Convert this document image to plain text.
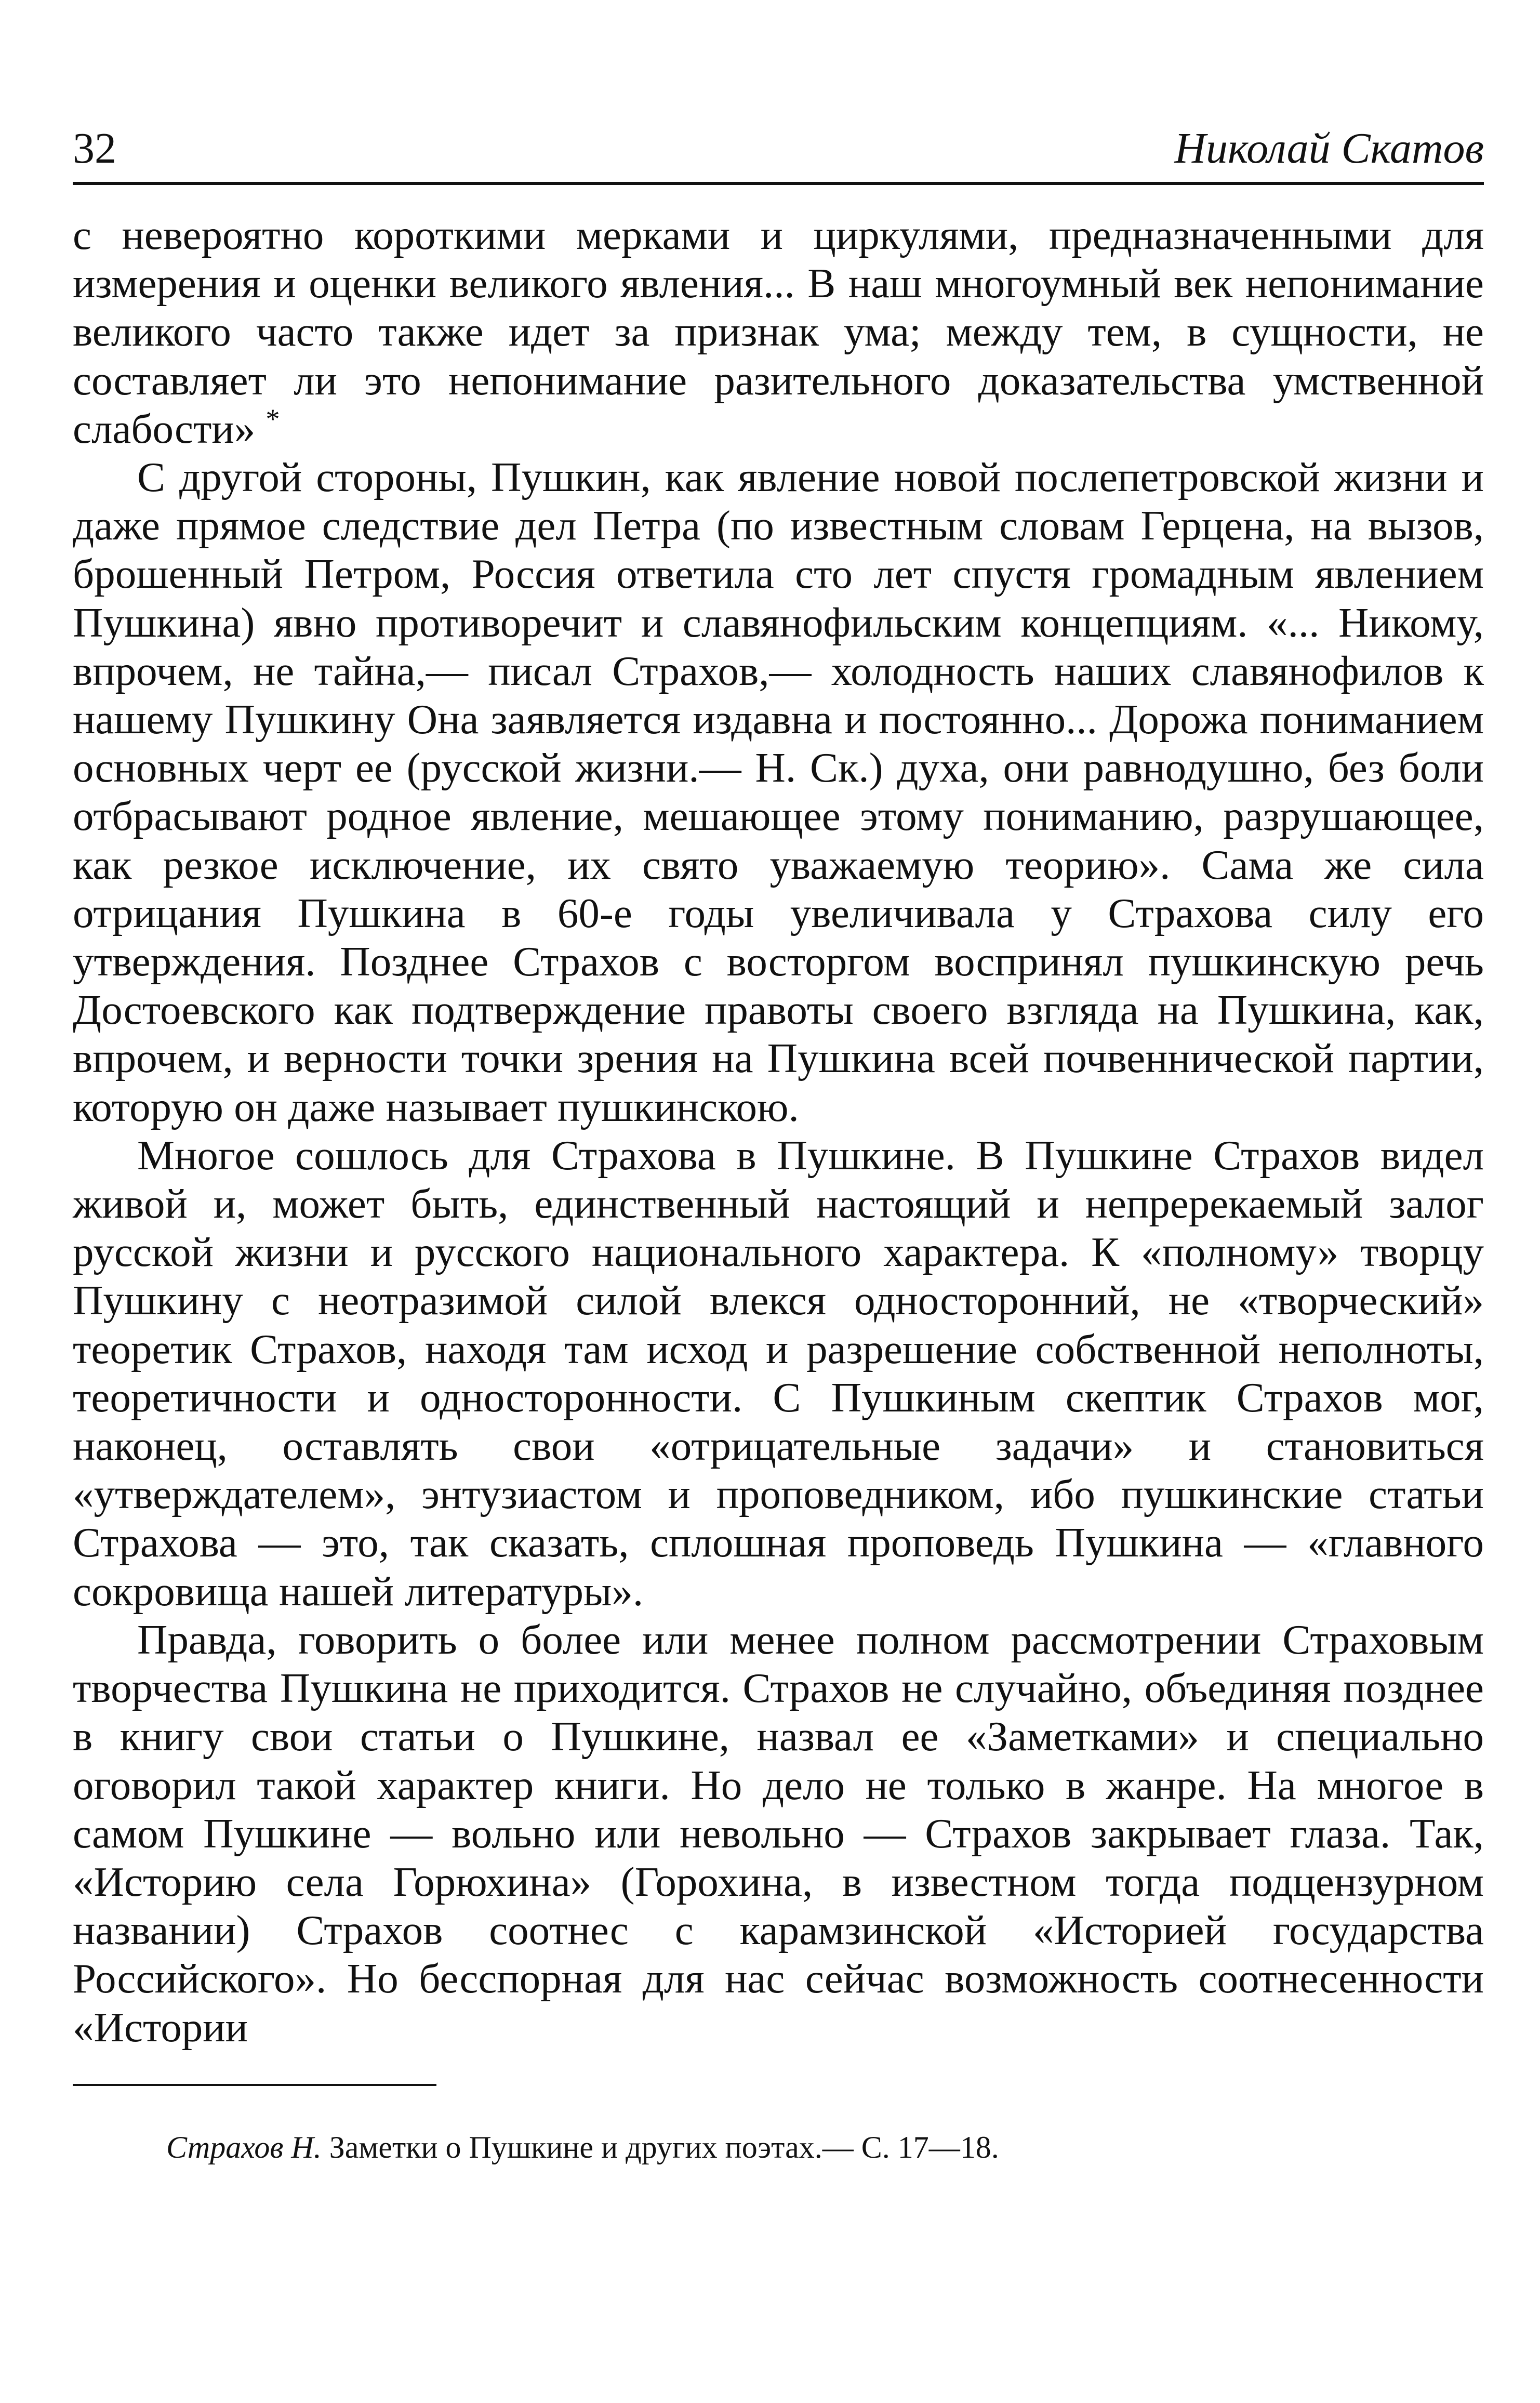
32	Николай Скатов

с невероятно короткими мерками и циркулями, предназначенными для измерения и оценки великого явления... В наш многоумный век непонимание великого часто также идет за признак ума; между тем, в сущности, не составляет ли это непонимание разительного доказательства умственной слабости» *

С другой стороны, Пушкин, как явление новой послепетровской жизни и даже прямое следствие дел Петра (по известным словам Герцена, на вызов, брошенный Петром, Россия ответила сто лет спустя громадным явлением Пушкина) явно противоречит и славянофильским концепциям. «... Никому, впрочем, не тайна,— писал Страхов,— холодность наших славянофилов к нашему Пушкину Она заявляется издавна и постоянно... Дорожа пониманием основных черт ее (русской жизни.— Н. Ск.) духа, они равнодушно, без боли отбрасывают родное явление, мешающее этому пониманию, разрушающее, как резкое исключение, их свято уважаемую теорию». Сама же сила отрицания Пушкина в 60-е годы увеличивала у Страхова силу его утверждения. Позднее Страхов с восторгом воспринял пушкинскую речь Достоевского как подтверждение правоты своего взгляда на Пушкина, как, впрочем, и верности точки зрения на Пушкина всей почвеннической партии, которую он даже называет пушкинскою.

Многое сошлось для Страхова в Пушкине. В Пушкине Страхов видел живой и, может быть, единственный настоящий и непререкаемый залог русской жизни и русского национального характера. К «полному» творцу Пушкину с неотразимой силой влекся односторонний, не «творческий» теоретик Страхов, находя там исход и разрешение собственной неполноты, теоретичности и односторонности. С Пушкиным скептик Страхов мог, наконец, оставлять свои «отрицательные задачи» и становиться «утверждателем», энтузиастом и проповедником, ибо пушкинские статьи Страхова — это, так сказать, сплошная проповедь Пушкина — «главного сокровища нашей литературы».

Правда, говорить о более или менее полном рассмотрении Страховым творчества Пушкина не приходится. Страхов не случайно, объединяя позднее в книгу свои статьи о Пушкине, назвал ее «Заметками» и специально оговорил такой характер книги. Но дело не только в жанре. На многое в самом Пушкине — вольно или невольно — Страхов закрывает глаза. Так, «Историю села Горюхина» (Горохина, в известном тогда подцензурном названии) Страхов соотнес с карамзинской «Историей государства Российского». Но бесспорная для нас сейчас возможность соотнесенности «Истории

Страхов Н. Заметки о Пушкине и других поэтах.— С. 17—18.
